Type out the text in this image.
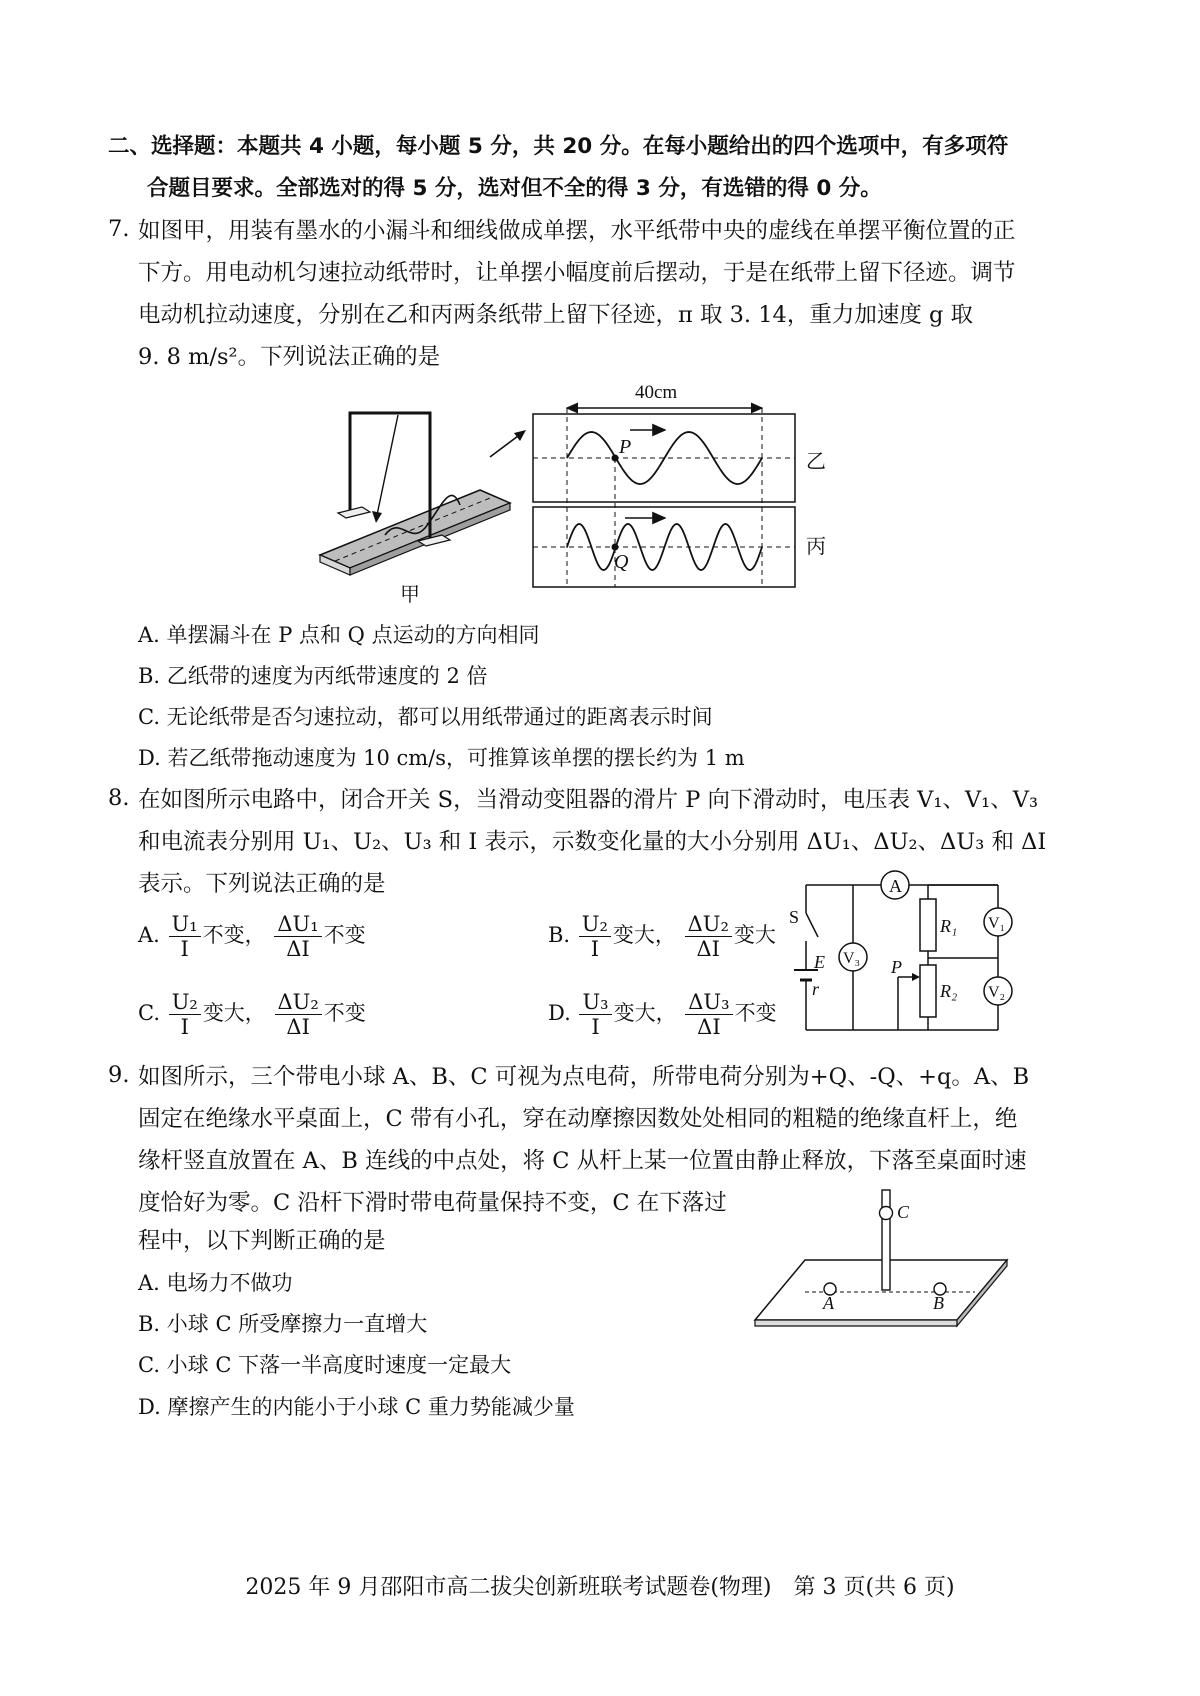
二、选择题：本题共 4 小题，每小题 5 分，共 20 分。在每小题给出的四个选项中，有多项符
合题目要求。全部选对的得 5 分，选对但不全的得 3 分，有选错的得 0 分。
7. 如图甲，用装有墨水的小漏斗和细线做成单摆，水平纸带中央的虚线在单摆平衡位置的正
下方。用电动机匀速拉动纸带时，让单摆小幅度前后摆动，于是在纸带上留下径迹。调节
电动机拉动速度，分别在乙和丙两条纸带上留下径迹，π 取 3. 14，重力加速度 g 取
9. 8 m/s²。下列说法正确的是
甲
40cm
P
Q
乙
丙
A. 单摆漏斗在 P 点和 Q 点运动的方向相同
B. 乙纸带的速度为丙纸带速度的 2 倍
C. 无论纸带是否匀速拉动，都可以用纸带通过的距离表示时间
D. 若乙纸带拖动速度为 10 cm/s，可推算该单摆的摆长约为 1 m
8. 在如图所示电路中，闭合开关 S，当滑动变阻器的滑片 P 向下滑动时，电压表 V₁、V₁、V₃
和电流表分别用 U₁、U₂、U₃ 和 I 表示，示数变化量的大小分别用 ΔU₁、ΔU₂、ΔU₃ 和 ΔI
表示。下列说法正确的是
A. $\frac{\text{U₁}}{I}$ 不变， $\frac{\text{ΔU₁}}{\Delta I}$ 不变	B. $\frac{\text{U₂}}{I}$ 变大， $\frac{\text{ΔU₂}}{\Delta I}$ 变大
C. $\frac{\text{U₂}}{I}$ 变大， $\frac{\text{ΔU₂}}{\Delta I}$ 不变	D. $\frac{\text{U₃}}{I}$ 变大， $\frac{\text{ΔU₃}}{\Delta I}$ 不变
A
S
E
r
P
R₁
R₂
V₁
V₂
V₃
9. 如图所示，三个带电小球 A、B、C 可视为点电荷，所带电荷分别为+Q、-Q、+q。A、B
固定在绝缘水平桌面上，C 带有小孔，穿在动摩擦因数处处相同的粗糙的绝缘直杆上，绝
缘杆竖直放置在 A、B 连线的中点处，将 C 从杆上某一位置由静止释放，下落至桌面时速
度恰好为零。C 沿杆下滑时带电荷量保持不变，C 在下落过
程中，以下判断正确的是
C
A	B
A. 电场力不做功
B. 小球 C 所受摩擦力一直增大
C. 小球 C 下落一半高度时速度一定最大
D. 摩擦产生的内能小于小球 C 重力势能减少量
2025 年 9 月邵阳市高二拔尖创新班联考试题卷(物理)　第 3 页(共 6 页)
